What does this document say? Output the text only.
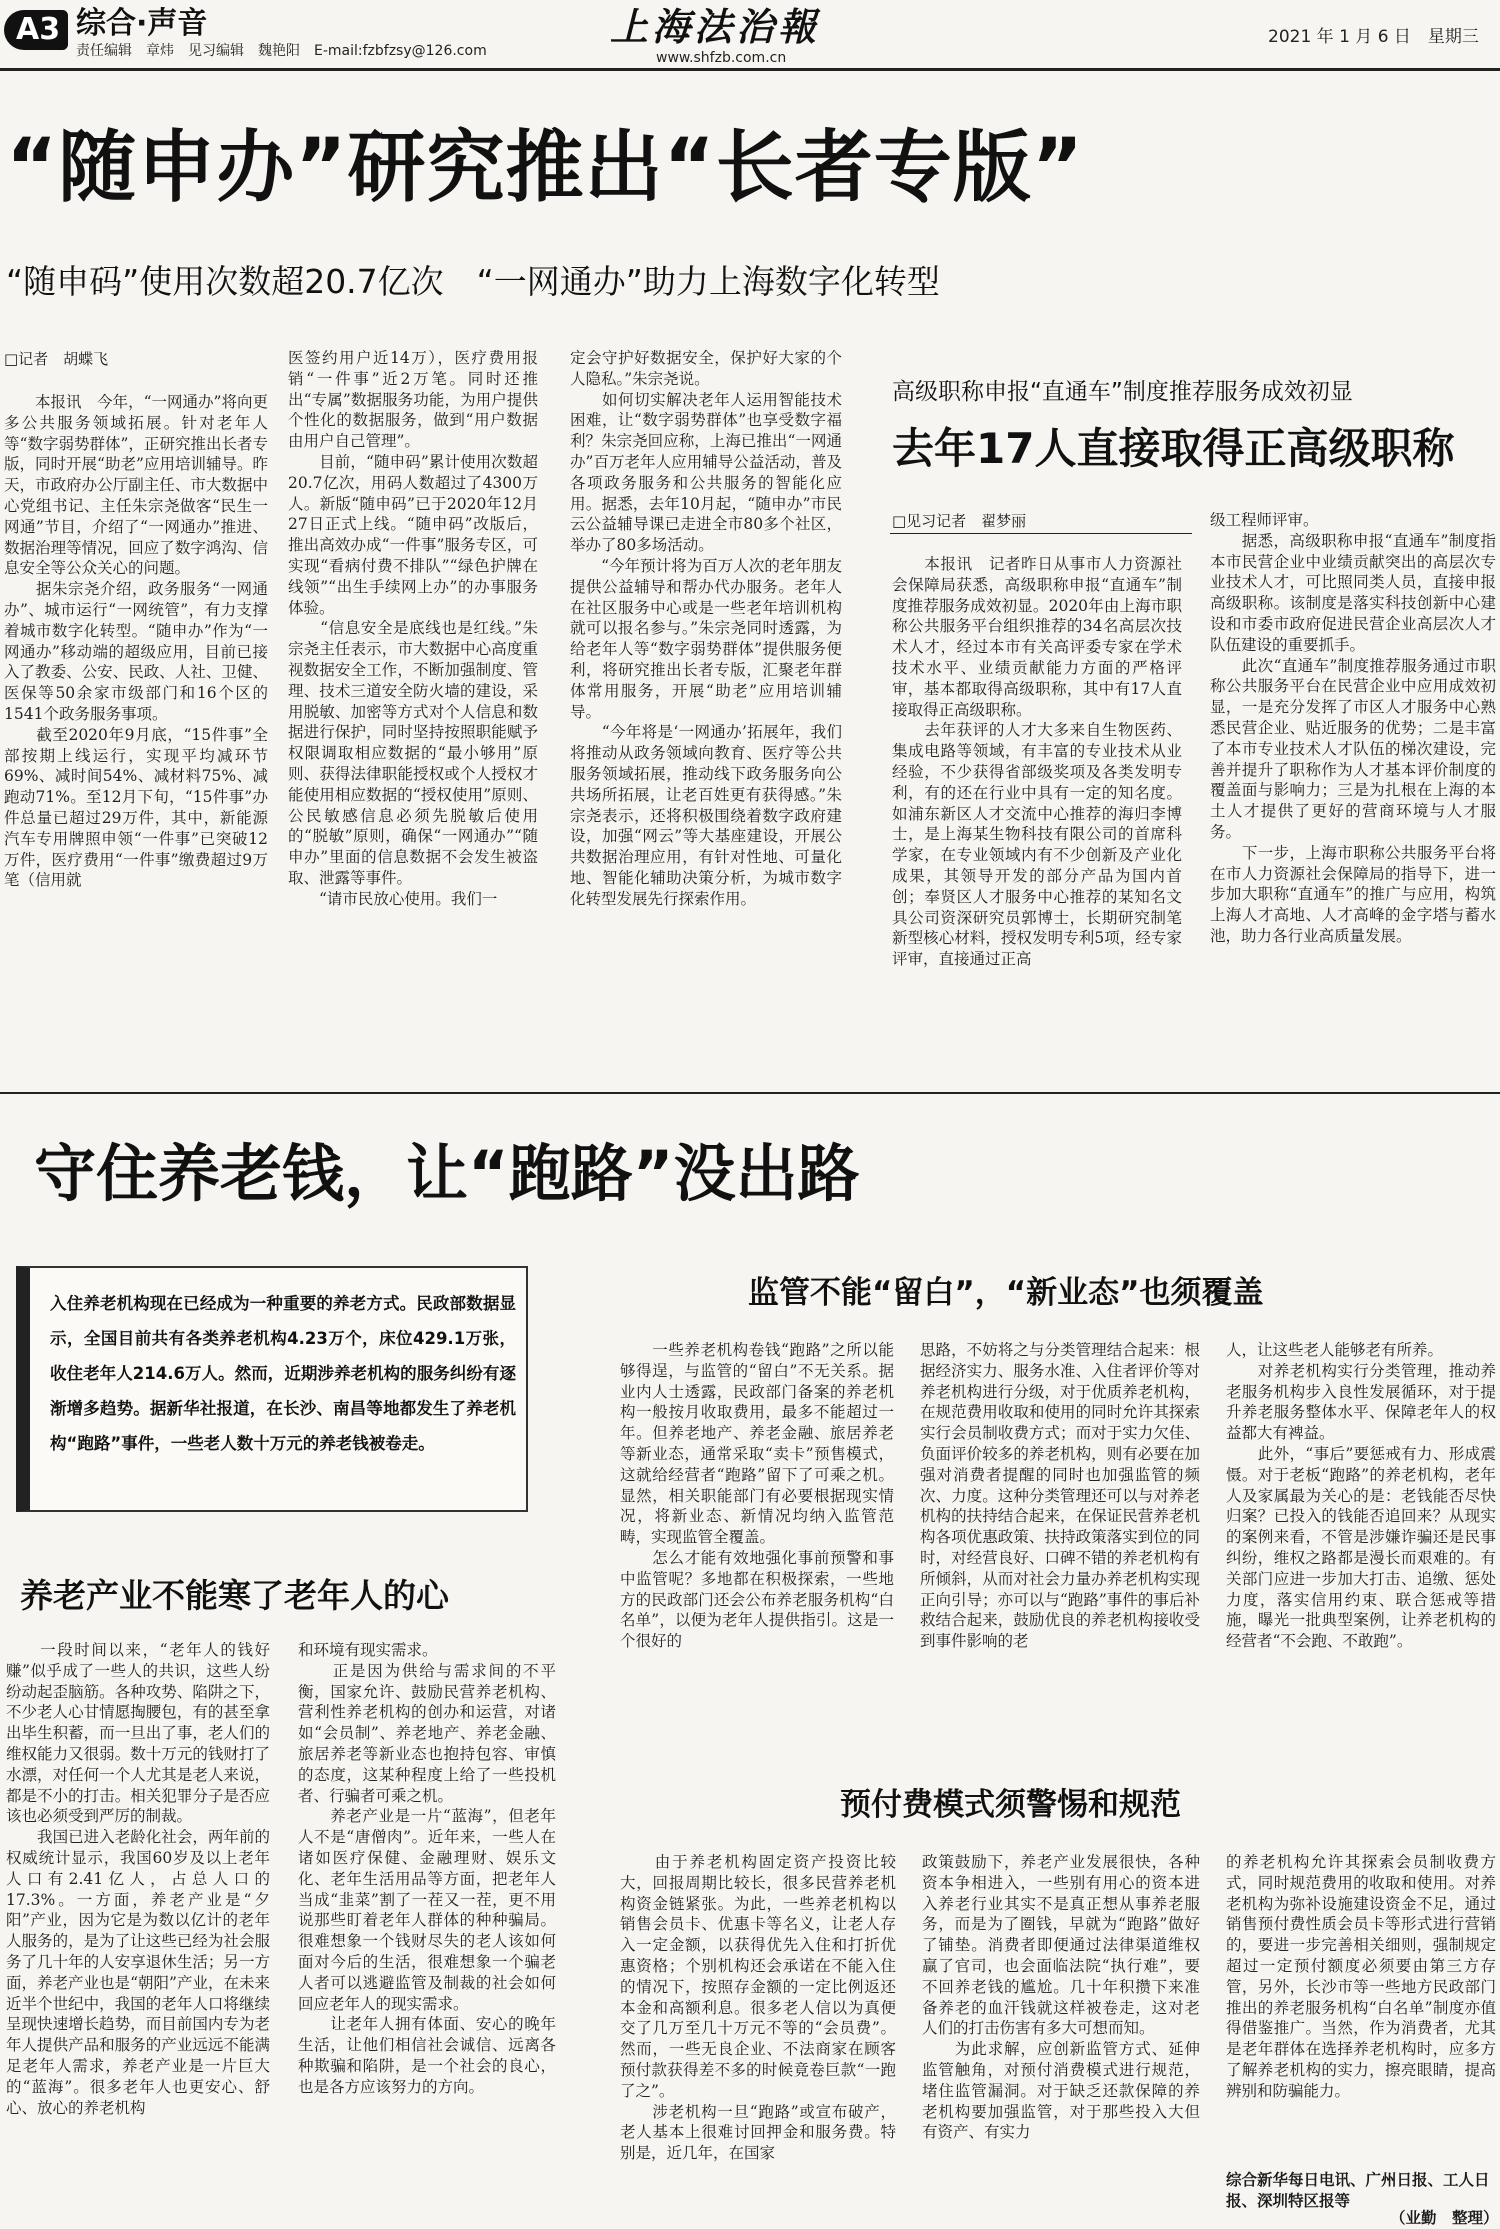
A3 综合·声音
责任编辑　章炜　见习编辑　魏艳阳　E-mail:fzbfzsy@126.com
上海法治報
www.shfzb.com.cn
2021 年 1 月 6 日　星期三
“随申办”研究推出“长者专版”
“随申码”使用次数超20.7亿次　“一网通办”助力上海数字化转型
□记者　胡蝶飞
　　本报讯　今年，“一网通办”将向更多公共服务领域拓展。针对老年人等“数字弱势群体”，正研究推出长者专版，同时开展“助老”应用培训辅导。昨天，市政府办公厅副主任、市大数据中心党组书记、主任朱宗尧做客“民生一网通”节目，介绍了“一网通办”推进、数据治理等情况，回应了数字鸿沟、信息安全等公众关心的问题。
　　据朱宗尧介绍，政务服务“一网通办”、城市运行“一网统管”，有力支撑着城市数字化转型。“随申办”作为“一网通办”移动端的超级应用，目前已接入了教委、公安、民政、人社、卫健、医保等50余家市级部门和16个区的1541个政务服务事项。
　　截至2020年9月底，“15件事”全部按期上线运行，实现平均减环节69%、减时间54%、减材料75%、减跑动71%。至12月下旬，“15件事”办件总量已超过29万件，其中，新能源汽车专用牌照申领“一件事”已突破12万件，医疗费用“一件事”缴费超过9万笔（信用就
医签约用户近14万），医疗费用报销“一件事”近2万笔。同时还推出“专属”数据服务功能，为用户提供个性化的数据服务，做到“用户数据由用户自己管理”。
　　目前，“随申码”累计使用次数超20.7亿次，用码人数超过了4300万人。新版“随申码”已于2020年12月27日正式上线。“随申码”改版后，推出高效办成“一件事”服务专区，可实现“看病付费不排队”“绿色护牌在线领”“出生手续网上办”的办事服务体验。
　　“信息安全是底线也是红线。”朱宗尧主任表示，市大数据中心高度重视数据安全工作，不断加强制度、管理、技术三道安全防火墙的建设，采用脱敏、加密等方式对个人信息和数据进行保护，同时坚持按照职能赋予权限调取相应数据的“最小够用”原则、获得法律职能授权或个人授权才能使用相应数据的“授权使用”原则、公民敏感信息必须先脱敏后使用的“脱敏”原则，确保“一网通办”“随申办”里面的信息数据不会发生被盗取、泄露等事件。
　　“请市民放心使用。我们一
定会守护好数据安全，保护好大家的个人隐私。”朱宗尧说。
　　如何切实解决老年人运用智能技术困难，让“数字弱势群体”也享受数字福利？朱宗尧回应称，上海已推出“一网通办”百万老年人应用辅导公益活动，普及各项政务服务和公共服务的智能化应用。据悉，去年10月起，“随申办”市民云公益辅导课已走进全市80多个社区，举办了80多场活动。
　　“今年预计将为百万人次的老年朋友提供公益辅导和帮办代办服务。老年人在社区服务中心或是一些老年培训机构就可以报名参与。”朱宗尧同时透露，为给老年人等“数字弱势群体”提供服务便利，将研究推出长者专版，汇聚老年群体常用服务，开展“助老”应用培训辅导。
　　“今年将是‘一网通办’拓展年，我们将推动从政务领域向教育、医疗等公共服务领域拓展，推动线下政务服务向公共场所拓展，让老百姓更有获得感。”朱宗尧表示，还将积极围绕着数字政府建设，加强“网云”等大基座建设，开展公共数据治理应用，有针对性地、可量化地、智能化辅助决策分析，为城市数字化转型发展先行探索作用。
高级职称申报“直通车”制度推荐服务成效初显
去年17人直接取得正高级职称
□见习记者　翟梦丽
　　本报讯　记者昨日从事市人力资源社会保障局获悉，高级职称申报“直通车”制度推荐服务成效初显。2020年由上海市职称公共服务平台组织推荐的34名高层次技术人才，经过本市有关高评委专家在学术技术水平、业绩贡献能力方面的严格评审，基本都取得高级职称，其中有17人直接取得正高级职称。
　　去年获评的人才大多来自生物医药、集成电路等领域，有丰富的专业技术从业经验，不少获得省部级奖项及各类发明专利，有的还在行业中具有一定的知名度。如浦东新区人才交流中心推荐的海归李博士，是上海某生物科技有限公司的首席科学家，在专业领域内有不少创新及产业化成果，其领导开发的部分产品为国内首创；奉贤区人才服务中心推荐的某知名文具公司资深研究员郭博士，长期研究制笔新型核心材料，授权发明专利5项，经专家评审，直接通过正高
级工程师评审。
　　据悉，高级职称申报“直通车”制度指本市民营企业中业绩贡献突出的高层次专业技术人才，可比照同类人员，直接申报高级职称。该制度是落实科技创新中心建设和市委市政府促进民营企业高层次人才队伍建设的重要抓手。
　　此次“直通车”制度推荐服务通过市职称公共服务平台在民营企业中应用成效初显，一是充分发挥了市区人才服务中心熟悉民营企业、贴近服务的优势；二是丰富了本市专业技术人才队伍的梯次建设，完善并提升了职称作为人才基本评价制度的覆盖面与影响力；三是为扎根在上海的本土人才提供了更好的营商环境与人才服务。
　　下一步，上海市职称公共服务平台将在市人力资源社会保障局的指导下，进一步加大职称“直通车”的推广与应用，构筑上海人才高地、人才高峰的金字塔与蓄水池，助力各行业高质量发展。
守住养老钱，让“跑路”没出路
入住养老机构现在已经成为一种重要的养老方式。民政部数据显示，全国目前共有各类养老机构4.23万个，床位429.1万张，收住老年人214.6万人。然而，近期涉养老机构的服务纠纷有逐渐增多趋势。据新华社报道，在长沙、南昌等地都发生了养老机构“跑路”事件，一些老人数十万元的养老钱被卷走。
养老产业不能寒了老年人的心
　　一段时间以来，“老年人的钱好赚”似乎成了一些人的共识，这些人纷纷动起歪脑筋。各种攻势、陷阱之下，不少老人心甘情愿掏腰包，有的甚至拿出毕生积蓄，而一旦出了事，老人们的维权能力又很弱。数十万元的钱财打了水漂，对任何一个人尤其是老人来说，都是不小的打击。相关犯罪分子是否应该也必须受到严厉的制裁。
　　我国已进入老龄化社会，两年前的权威统计显示，我国60岁及以上老年人口有2.41亿人，占总人口的17.3%。一方面，养老产业是“夕阳”产业，因为它是为数以亿计的老年人服务的，是为了让这些已经为社会服务了几十年的人安享退休生活；另一方面，养老产业也是“朝阳”产业，在未来近半个世纪中，我国的老年人口将继续呈现快速增长趋势，而目前国内专为老年人提供产品和服务的产业远远不能满足老年人需求，养老产业是一片巨大的“蓝海”。很多老年人也更安心、舒心、放心的养老机构
和环境有现实需求。
　　正是因为供给与需求间的不平衡，国家允许、鼓励民营养老机构、营利性养老机构的创办和运营，对诸如“会员制”、养老地产、养老金融、旅居养老等新业态也抱持包容、审慎的态度，这某种程度上给了一些投机者、行骗者可乘之机。
　　养老产业是一片“蓝海”，但老年人不是“唐僧肉”。近年来，一些人在诸如医疗保健、金融理财、娱乐文化、老年生活用品等方面，把老年人当成“韭菜”割了一茬又一茬，更不用说那些盯着老年人群体的种种骗局。很难想象一个钱财尽失的老人该如何面对今后的生活，很难想象一个骗老人者可以逃避监管及制裁的社会如何回应老年人的现实需求。
　　让老年人拥有体面、安心的晚年生活，让他们相信社会诚信、远离各种欺骗和陷阱，是一个社会的良心，也是各方应该努力的方向。
监管不能“留白”，“新业态”也须覆盖
　　一些养老机构卷钱“跑路”之所以能够得逞，与监管的“留白”不无关系。据业内人士透露，民政部门备案的养老机构一般按月收取费用，最多不能超过一年。但养老地产、养老金融、旅居养老等新业态，通常采取“卖卡”预售模式，这就给经营者“跑路”留下了可乘之机。显然，相关职能部门有必要根据现实情况，将新业态、新情况均纳入监管范畴，实现监管全覆盖。
　　怎么才能有效地强化事前预警和事中监管呢？多地都在积极探索，一些地方的民政部门还会公布养老服务机构“白名单”，以便为老年人提供指引。这是一个很好的
思路，不妨将之与分类管理结合起来：根据经济实力、服务水准、入住者评价等对养老机构进行分级，对于优质养老机构，在规范费用收取和使用的同时允许其探索实行会员制收费方式；而对于实力欠佳、负面评价较多的养老机构，则有必要在加强对消费者提醒的同时也加强监管的频次、力度。这种分类管理还可以与对养老机构的扶持结合起来，在保证民营养老机构各项优惠政策、扶持政策落实到位的同时，对经营良好、口碑不错的养老机构有所倾斜，从而对社会力量办养老机构实现正向引导；亦可以与“跑路”事件的事后补救结合起来，鼓励优良的养老机构接收受到事件影响的老
人，让这些老人能够老有所养。
　　对养老机构实行分类管理，推动养老服务机构步入良性发展循环，对于提升养老服务整体水平、保障老年人的权益都大有裨益。
　　此外，“事后”要惩戒有力、形成震慑。对于老板“跑路”的养老机构，老年人及家属最为关心的是：老钱能否尽快归案？已投入的钱能否追回来？从现实的案例来看，不管是涉嫌诈骗还是民事纠纷，维权之路都是漫长而艰难的。有关部门应进一步加大打击、追缴、惩处力度，落实信用约束、联合惩戒等措施，曝光一批典型案例，让养老机构的经营者“不会跑、不敢跑”。
预付费模式须警惕和规范
　　由于养老机构固定资产投资比较大，回报周期比较长，很多民营养老机构资金链紧张。为此，一些养老机构以销售会员卡、优惠卡等名义，让老人存入一定金额，以获得优先入住和打折优惠资格；个别机构还会承诺在不能入住的情况下，按照存金额的一定比例返还本金和高额利息。很多老人信以为真便交了几万至几十万元不等的“会员费”。然而，一些无良企业、不法商家在顾客预付款获得差不多的时候竟卷巨款“一跑了之”。
　　涉老机构一旦“跑路”或宣布破产，老人基本上很难讨回押金和服务费。特别是，近几年，在国家
政策鼓励下，养老产业发展很快，各种资本争相进入，一些别有用心的资本进入养老行业其实不是真正想从事养老服务，而是为了圈钱，早就为“跑路”做好了铺垫。消费者即便通过法律渠道维权赢了官司，也会面临法院“执行难”，要不回养老钱的尴尬。几十年积攒下来准备养老的血汗钱就这样被卷走，这对老人们的打击伤害有多大可想而知。
　　为此求解，应创新监管方式、延伸监管触角，对预付消费模式进行规范，堵住监管漏洞。对于缺乏还款保障的养老机构要加强监管，对于那些投入大但有资产、有实力
的养老机构允许其探索会员制收费方式，同时规范费用的收取和使用。对养老机构为弥补设施建设资金不足，通过销售预付费性质会员卡等形式进行营销的，要进一步完善相关细则，强制规定超过一定预付额度必须要由第三方存管，另外，长沙市等一些地方民政部门推出的养老服务机构“白名单”制度亦值得借鉴推广。当然，作为消费者，尤其是老年群体在选择养老机构时，应多方了解养老机构的实力，擦亮眼睛，提高辨别和防骗能力。
综合新华每日电讯、广州日报、工人日报、深圳特区报等
（业勤　整理）
